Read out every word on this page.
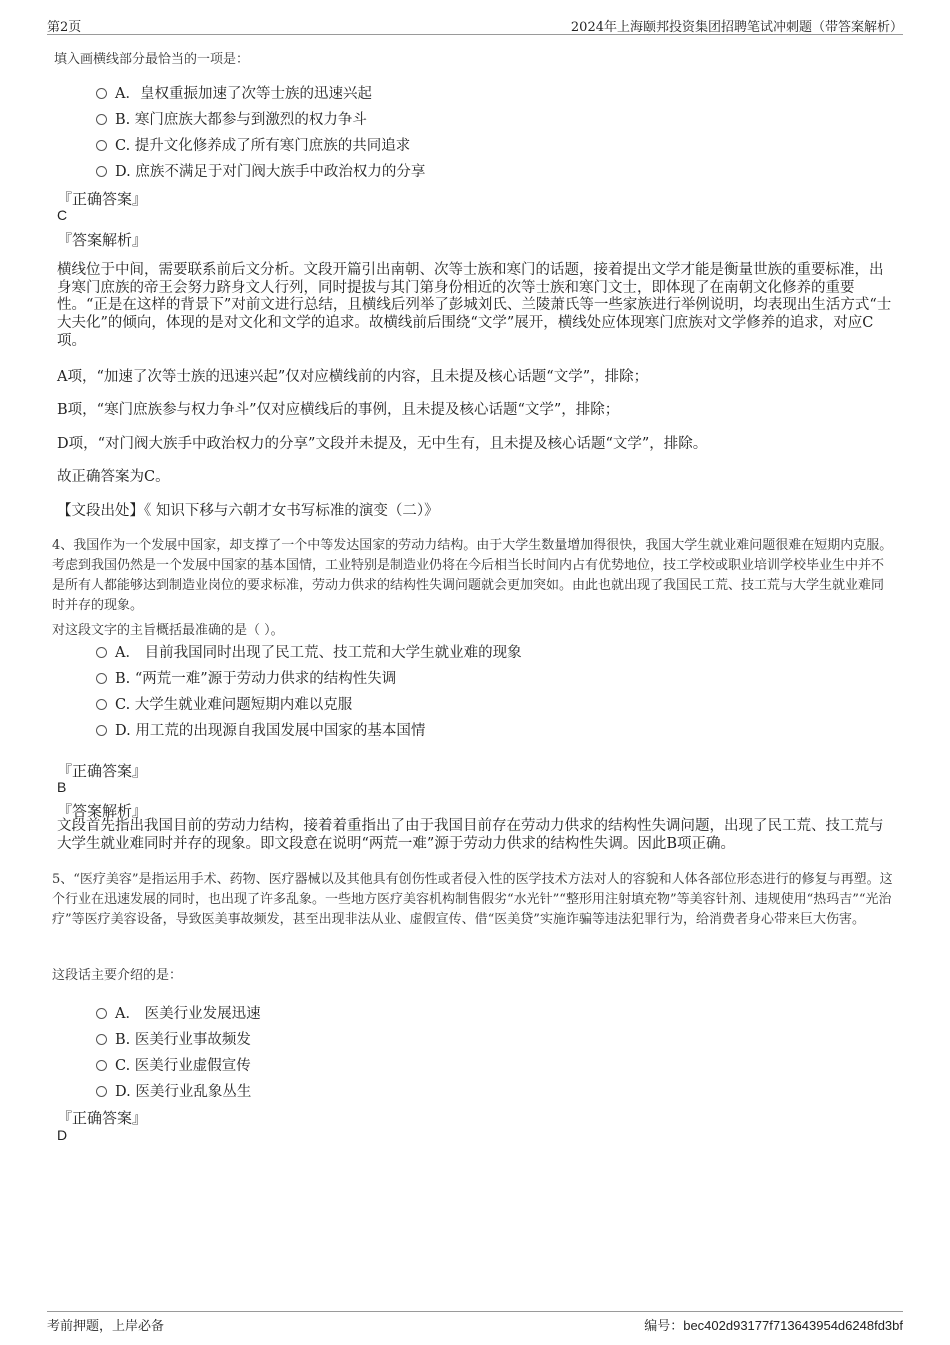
第2页	2024年上海颐邦投资集团招聘笔试冲刺题（带答案解析）
填入画横线部分最恰当的一项是：
A．皇权重振加速了次等士族的迅速兴起
B. 寒门庶族大都参与到激烈的权力争斗
C. 提升文化修养成了所有寒门庶族的共同追求
D. 庶族不满足于对门阀大族手中政治权力的分享
『正确答案』
C
『答案解析』
横线位于中间，需要联系前后文分析。文段开篇引出南朝、次等士族和寒门的话题，接着提出文学才能是衡量世族的重要标准，出身寒门庶族的帝王会努力跻身文人行列，同时提拔与其门第身份相近的次等士族和寒门文士，即体现了在南朝文化修养的重要性。“正是在这样的背景下”对前文进行总结，且横线后列举了彭城刘氏、兰陵萧氏等一些家族进行举例说明，均表现出生活方式“士大夫化”的倾向，体现的是对文化和文学的追求。故横线前后围绕“文学”展开，横线处应体现寒门庶族对文学修养的追求，对应C项。
A项，“加速了次等士族的迅速兴起”仅对应横线前的内容，且未提及核心话题“文学”，排除；
B项，“寒门庶族参与权力争斗”仅对应横线后的事例，且未提及核心话题“文学”，排除；
D项，“对门阀大族手中政治权力的分享”文段并未提及，无中生有，且未提及核心话题“文学”，排除。
故正确答案为C。
【文段出处】《 知识下移与六朝才女书写标准的演变（二）》
4、我国作为一个发展中国家，却支撑了一个中等发达国家的劳动力结构。由于大学生数量增加得很快，我国大学生就业难问题很难在短期内克服。考虑到我国仍然是一个发展中国家的基本国情，工业特别是制造业仍将在今后相当长时间内占有优势地位，技工学校或职业培训学校毕业生中并不是所有人都能够达到制造业岗位的要求标准，劳动力供求的结构性失调问题就会更加突如。由此也就出现了我国民工荒、技工荒与大学生就业难同时并存的现象。
对这段文字的主旨概括最准确的是（ ）。
A． 目前我国同时出现了民工荒、技工荒和大学生就业难的现象
B. “两荒一难”源于劳动力供求的结构性失调
C. 大学生就业难问题短期内难以克服
D. 用工荒的出现源自我国发展中国家的基本国情
『正确答案』
B
『答案解析』
文段首先指出我国目前的劳动力结构，接着着重指出了由于我国目前存在劳动力供求的结构性失调问题，出现了民工荒、技工荒与大学生就业难同时并存的现象。即文段意在说明“两荒一难”源于劳动力供求的结构性失调。因此B项正确。
5、“医疗美容”是指运用手术、药物、医疗器械以及其他具有创伤性或者侵入性的医学技术方法对人的容貌和人体各部位形态进行的修复与再塑。这个行业在迅速发展的同时，也出现了许多乱象。一些地方医疗美容机构制售假劣“水光针”“整形用注射填充物”等美容针剂、违规使用“热玛吉”“光治疗”等医疗美容设备，导致医美事故频发，甚至出现非法从业、虚假宣传、借“医美贷”实施诈骗等违法犯罪行为，给消费者身心带来巨大伤害。
这段话主要介绍的是：
A． 医美行业发展迅速
B. 医美行业事故频发
C. 医美行业虚假宣传
D. 医美行业乱象丛生
『正确答案』
D
考前押题，上岸必备	编号：bec402d93177f713643954d6248fd3bf
